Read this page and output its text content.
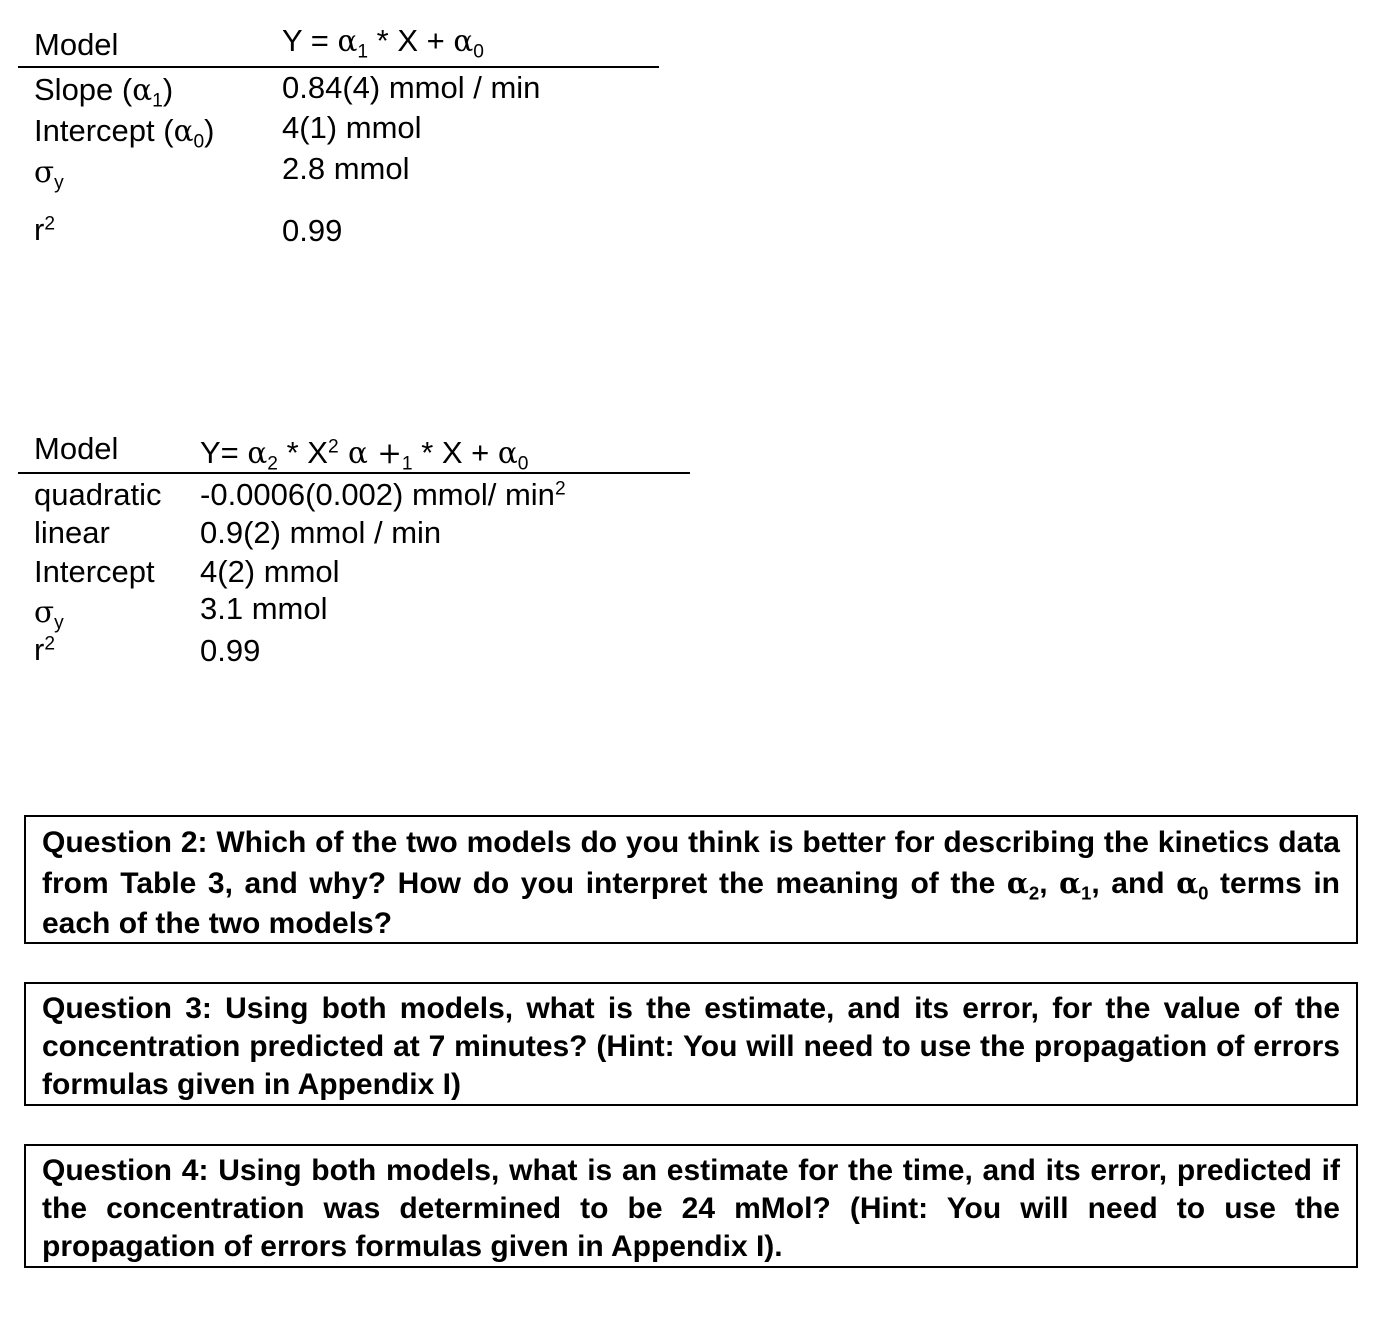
Model	$Y = \alpha_1 * X + \alpha_0$
Slope $(\alpha_1)$	0.84(4) mmol / min
Intercept $(\alpha_0)$ 4(1) mmol
$\sigma_y$	2.8 mmol
$r^2$	0.99
Model	$Y= \alpha_2 * X^2$ $\alpha +_1 * X + \alpha_0$
quadratic -0.0006(0.002) mmol/ $\min^2$
linear	0.9(2) mmol / min
Intercept 4(2) mmol
$\sigma_y$	3.1 mmol
$r^2$	0.99

Question 2: Which of the two models do you think is better for describing the kinetics data from Table 3, and why? How do you interpret the meaning of the $\alpha_2$, $\alpha_1$, and $\alpha_0$ terms in each of the two models?

Question 3: Using both models, what is the estimate, and its error, for the value of the concentration predicted at 7 minutes? (Hint: You will need to use the propagation of errors formulas given in Appendix I)

Question 4: Using both models, what is an estimate for the time, and its error, predicted if the concentration was determined to be 24 mMol? (Hint: You will need to use the propagation of errors formulas given in Appendix I).
